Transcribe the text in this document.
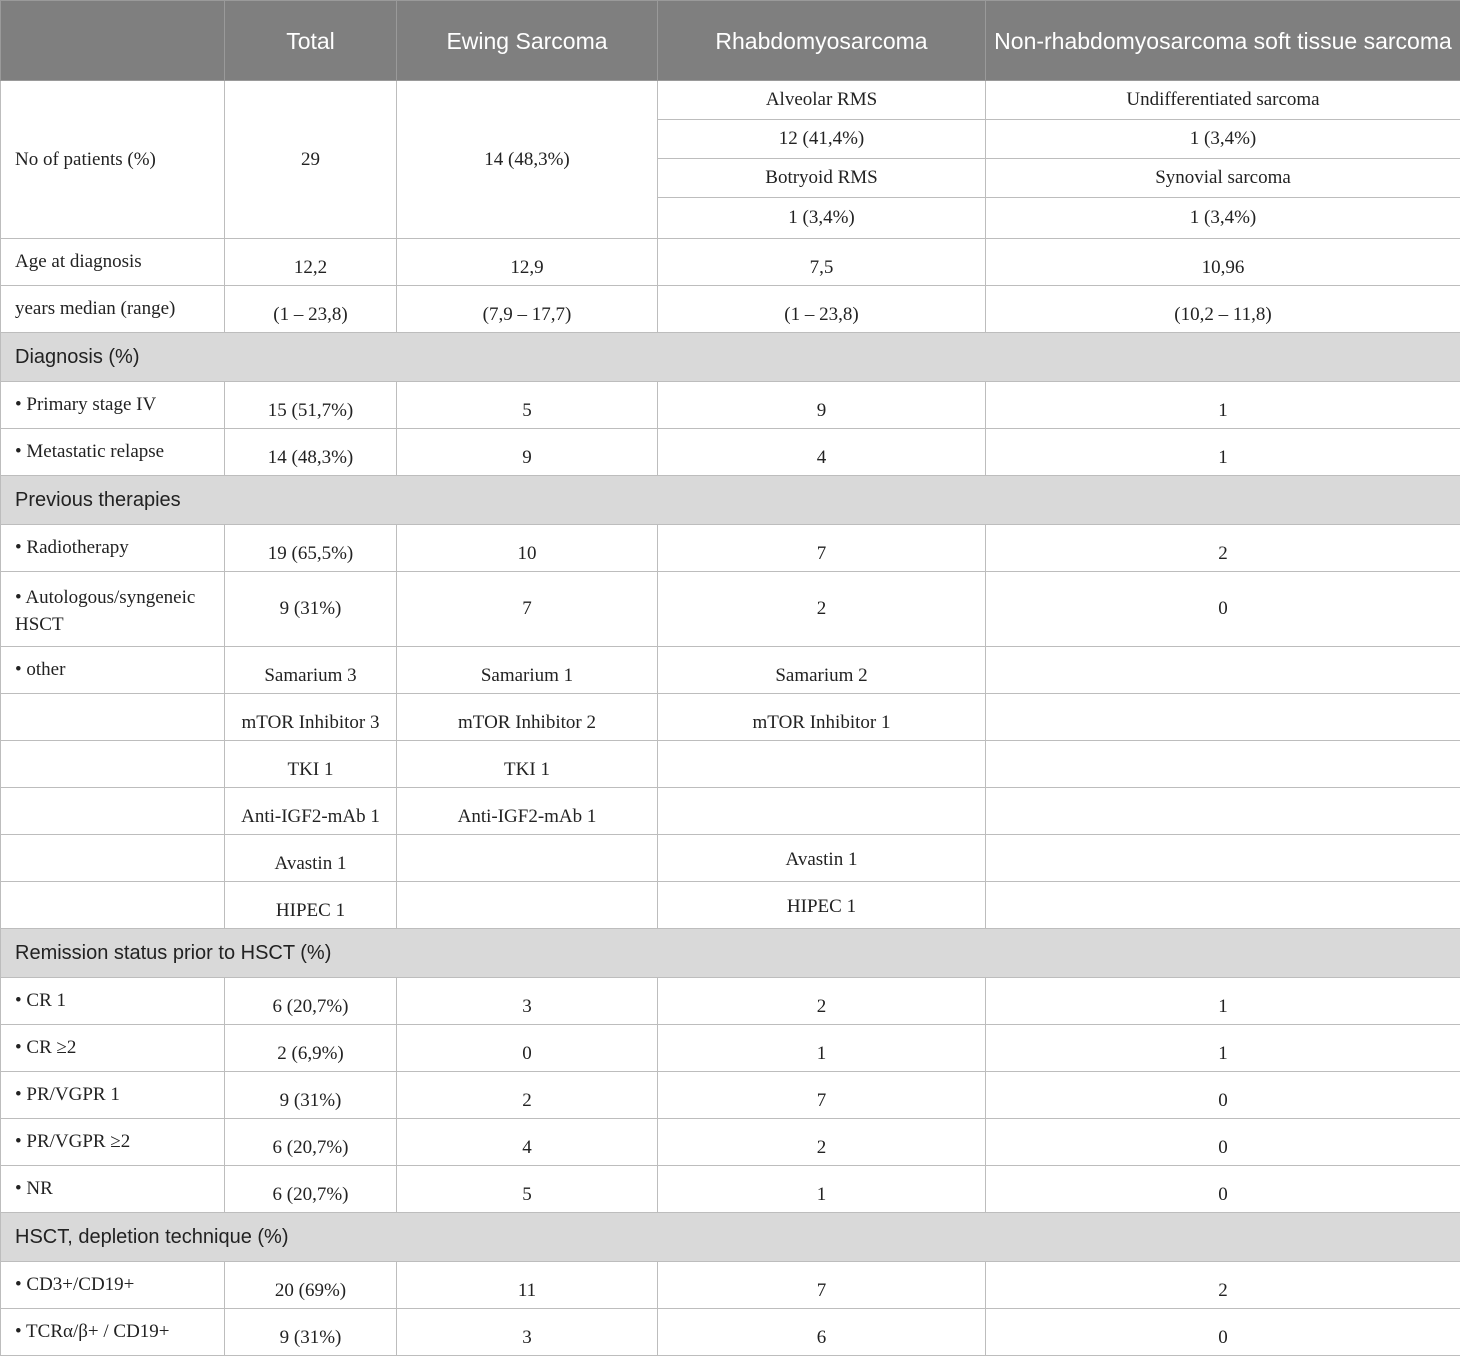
	Total	Ewing Sarcoma	Rhabdomyosarcoma	Non-rhabdomyosarcoma soft tissue sarcoma
No of patients (%)	29	14 (48,3%)	Alveolar RMS	Undifferentiated sarcoma
			12 (41,4%)	1 (3,4%)
			Botryoid RMS	Synovial sarcoma
			1 (3,4%)	1 (3,4%)
Age at diagnosis	12,2	12,9	7,5	10,96
years median (range)	(1 – 23,8)	(7,9 – 17,7)	(1 – 23,8)	(10,2 – 11,8)
Diagnosis (%)				
• Primary stage IV	15 (51,7%)	5	9	1
• Metastatic relapse	14 (48,3%)	9	4	1
Previous therapies				
• Radiotherapy	19 (65,5%)	10	7	2
• Autologous/syngeneic HSCT	9 (31%)	7	2	0
• other	Samarium 3	Samarium 1	Samarium 2	
	mTOR Inhibitor 3	mTOR Inhibitor 2	mTOR Inhibitor 1	
	TKI 1	TKI 1		
	Anti-IGF2-mAb 1	Anti-IGF2-mAb 1		
	Avastin 1		Avastin 1	
	HIPEC 1		HIPEC 1	
Remission status prior to HSCT (%)				
• CR 1	6 (20,7%)	3	2	1
• CR ≥2	2 (6,9%)	0	1	1
• PR/VGPR 1	9 (31%)	2	7	0
• PR/VGPR ≥2	6 (20,7%)	4	2	0
• NR	6 (20,7%)	5	1	0
HSCT, depletion technique (%)				
• CD3+/CD19+	20 (69%)	11	7	2
• TCRα/β+ / CD19+	9 (31%)	3	6	0
